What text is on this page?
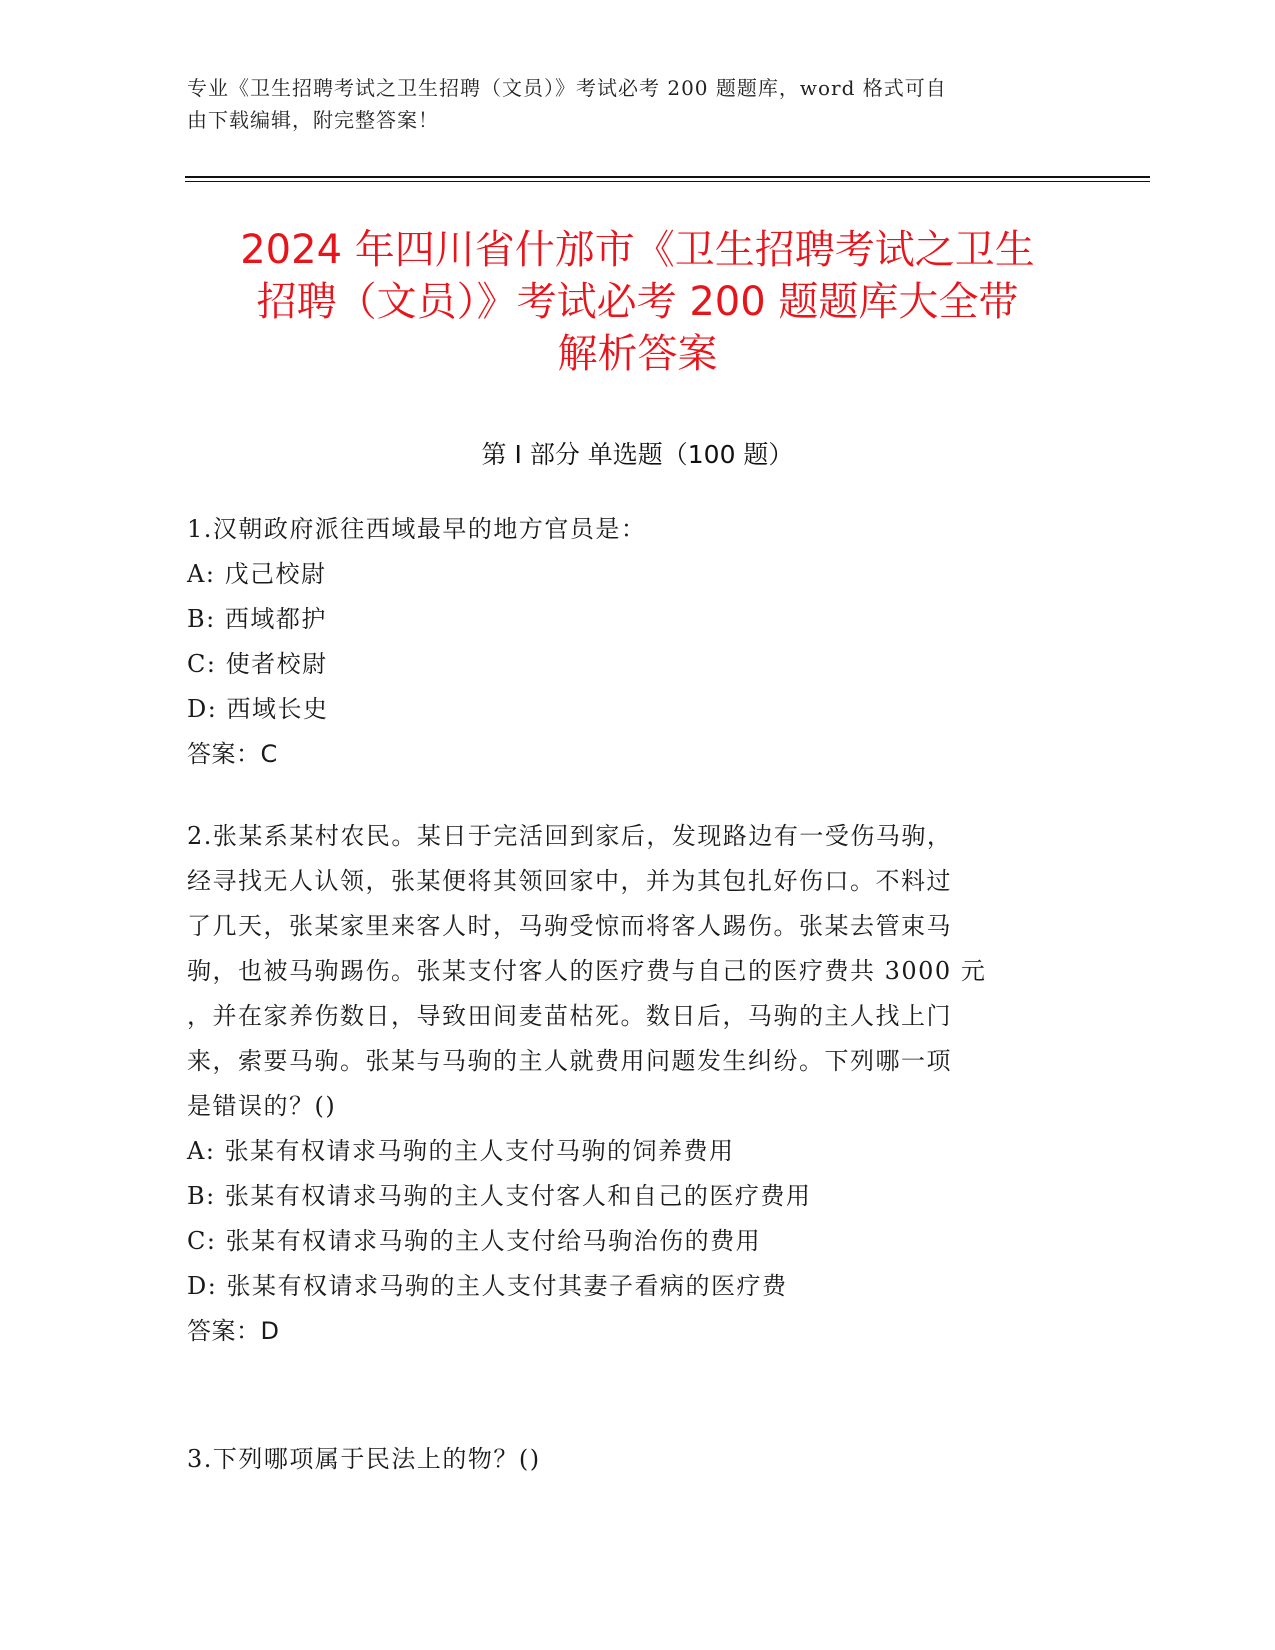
专业《卫生招聘考试之卫生招聘（文员）》考试必考 200 题题库，word 格式可自
由下载编辑，附完整答案！
2024 年四川省什邡市《卫生招聘考试之卫生
招聘（文员）》考试必考 200 题题库大全带
解析答案
第 I 部分 单选题（100 题）
1.汉朝政府派往西域最早的地方官员是：
A: 戊己校尉
B: 西域都护
C: 使者校尉
D: 西域长史
答案：C
2.张某系某村农民。某日于完活回到家后，发现路边有一受伤马驹，
经寻找无人认领，张某便将其领回家中，并为其包扎好伤口。不料过
了几天，张某家里来客人时，马驹受惊而将客人踢伤。张某去管束马
驹，也被马驹踢伤。张某支付客人的医疗费与自己的医疗费共 3000 元
，并在家养伤数日，导致田间麦苗枯死。数日后，马驹的主人找上门
来，索要马驹。张某与马驹的主人就费用问题发生纠纷。下列哪一项
是错误的？()
A: 张某有权请求马驹的主人支付马驹的饲养费用
B: 张某有权请求马驹的主人支付客人和自己的医疗费用
C: 张某有权请求马驹的主人支付给马驹治伤的费用
D: 张某有权请求马驹的主人支付其妻子看病的医疗费
答案：D
3.下列哪项属于民法上的物？()
